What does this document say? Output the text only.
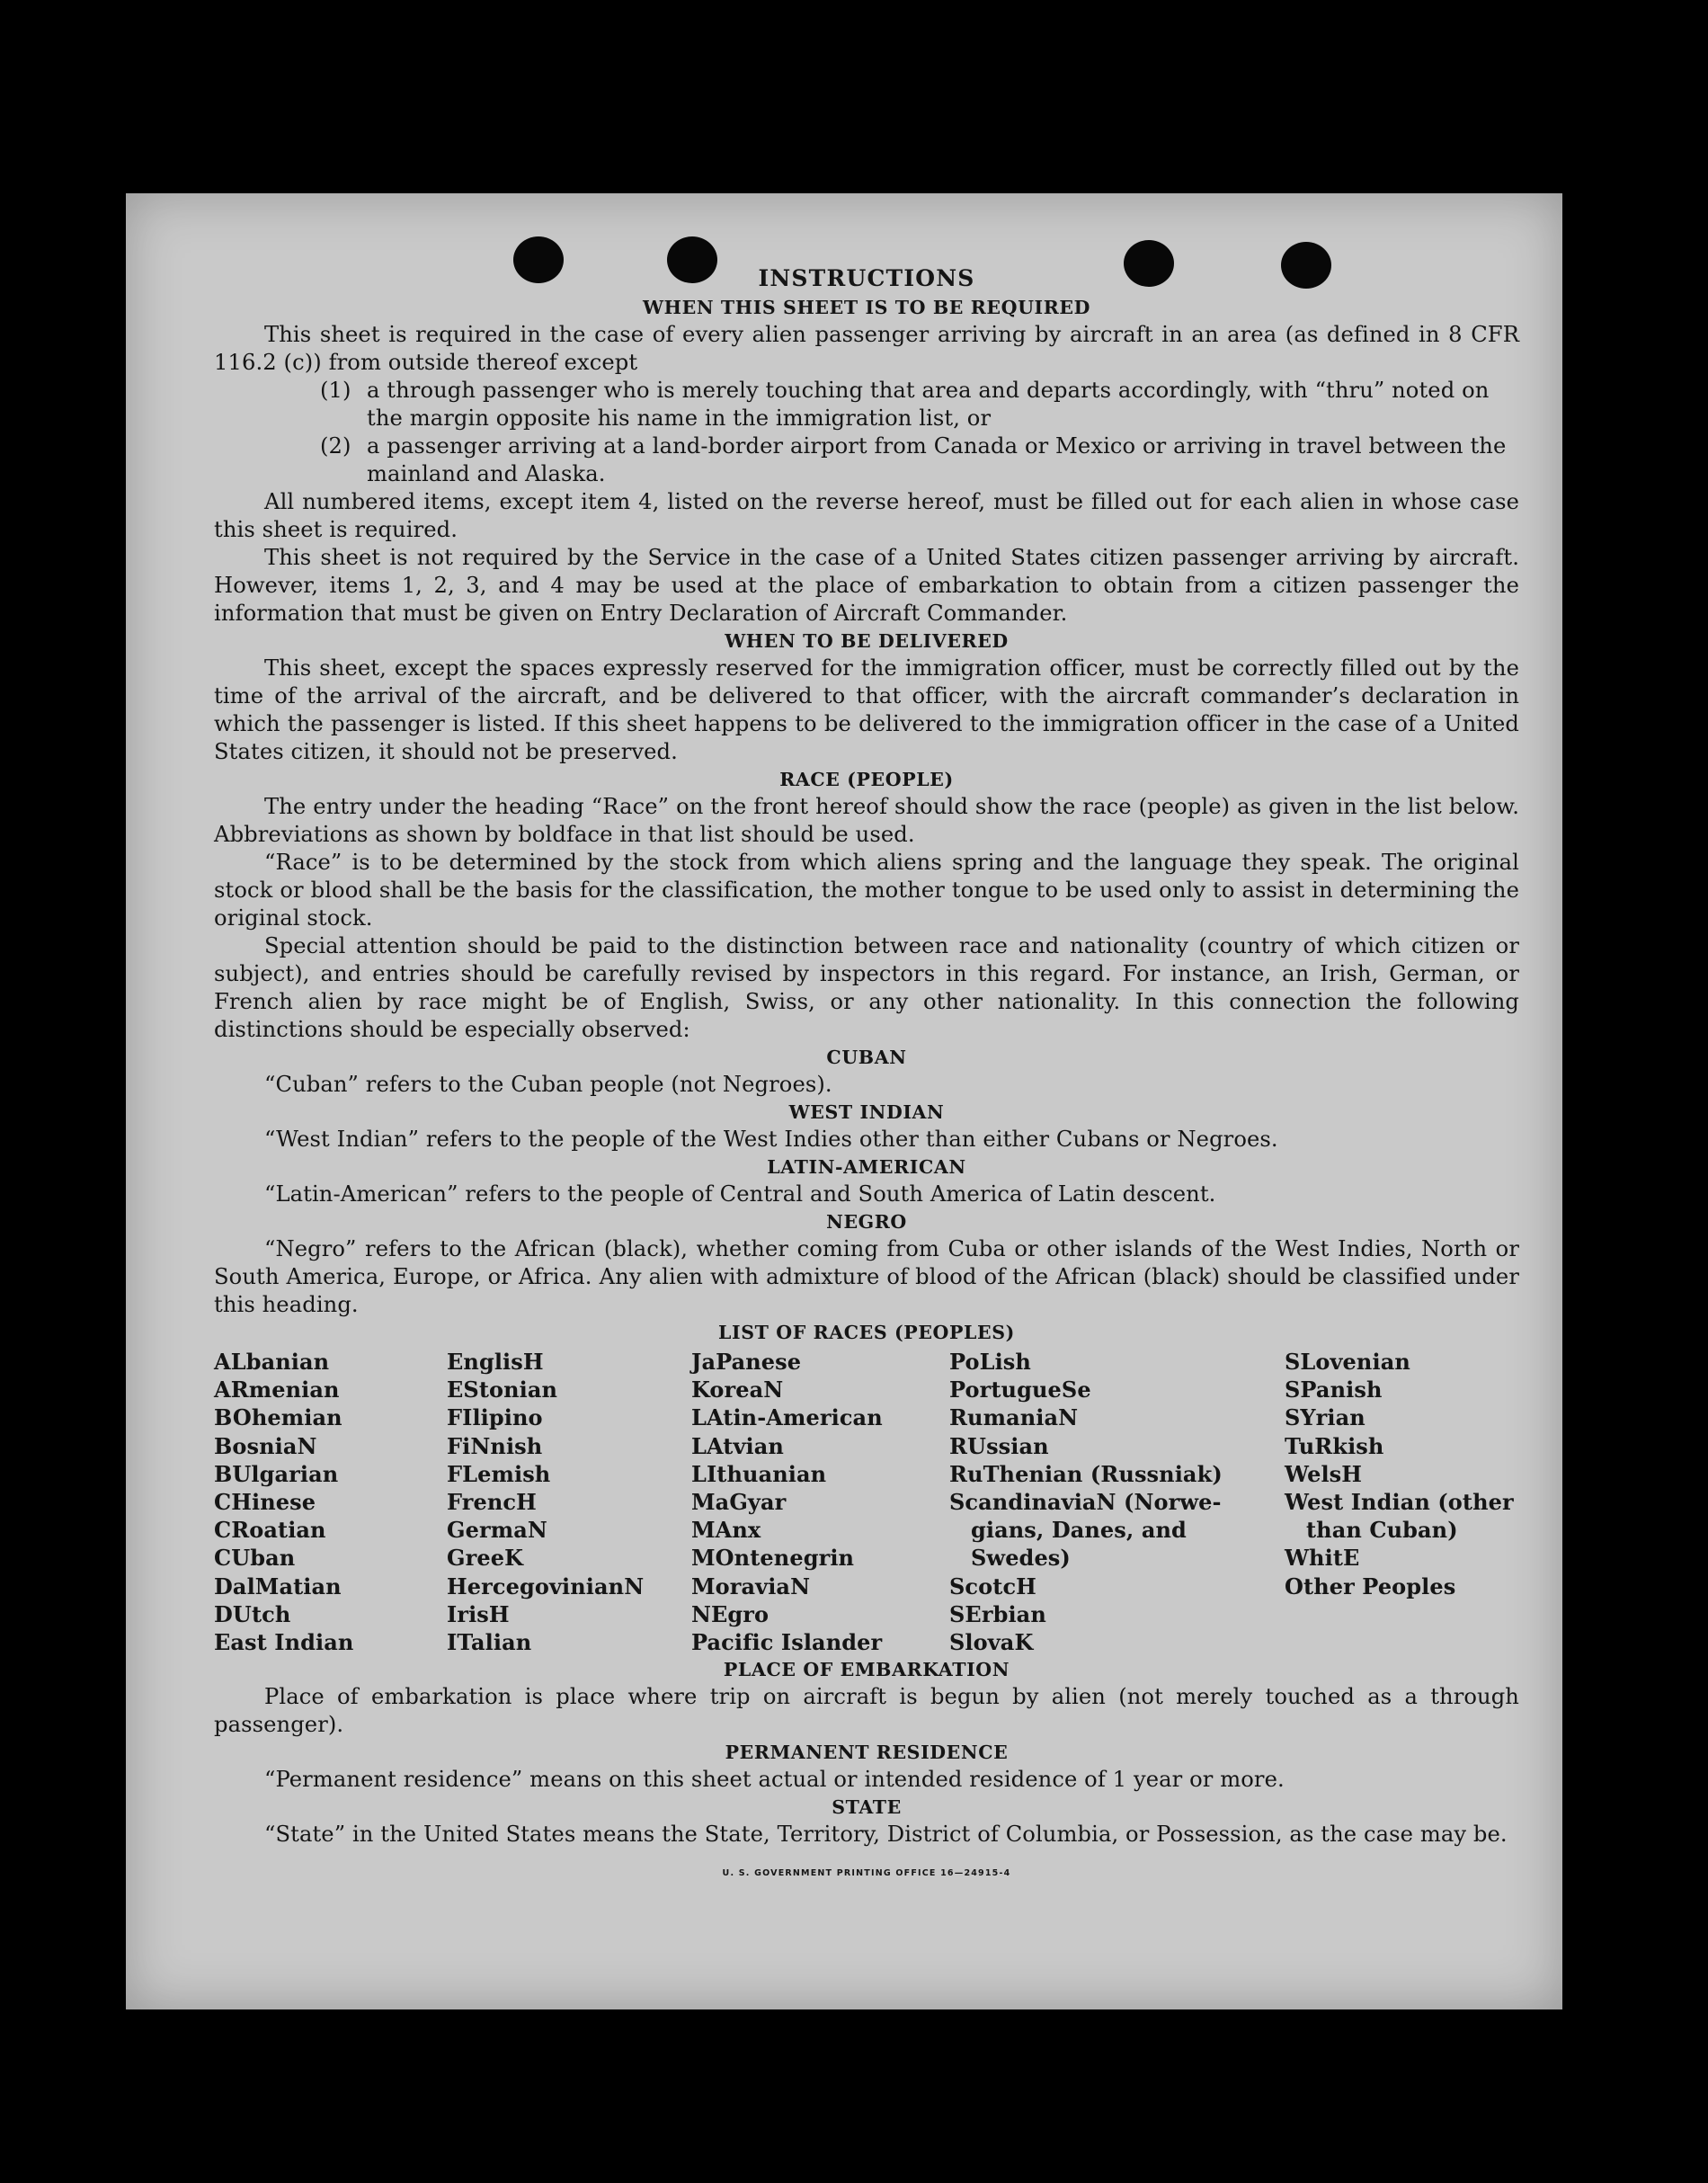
INSTRUCTIONS
WHEN THIS SHEET IS TO BE REQUIRED
This sheet is required in the case of every alien passenger arriving by aircraft in an area (as defined in 8 CFR 116.2 (c)) from outside thereof except
(1) a through passenger who is merely touching that area and departs accordingly, with “thru” noted on the margin opposite his name in the immigration list, or
(2) a passenger arriving at a land-border airport from Canada or Mexico or arriving in travel between the mainland and Alaska.
All numbered items, except item 4, listed on the reverse hereof, must be filled out for each alien in whose case this sheet is required.
This sheet is not required by the Service in the case of a United States citizen passenger arriving by aircraft. However, items 1, 2, 3, and 4 may be used at the place of embarkation to obtain from a citizen passenger the information that must be given on Entry Declaration of Aircraft Commander.
WHEN TO BE DELIVERED
This sheet, except the spaces expressly reserved for the immigration officer, must be correctly filled out by the time of the arrival of the aircraft, and be delivered to that officer, with the aircraft commander’s declaration in which the passenger is listed. If this sheet happens to be delivered to the immigration officer in the case of a United States citizen, it should not be preserved.
RACE (PEOPLE)
The entry under the heading “Race” on the front hereof should show the race (people) as given in the list below. Abbreviations as shown by boldface in that list should be used.
“Race” is to be determined by the stock from which aliens spring and the language they speak. The original stock or blood shall be the basis for the classification, the mother tongue to be used only to assist in determining the original stock.
Special attention should be paid to the distinction between race and nationality (country of which citizen or subject), and entries should be carefully revised by inspectors in this regard. For instance, an Irish, German, or French alien by race might be of English, Swiss, or any other nationality. In this connection the following distinctions should be especially observed:
CUBAN
“Cuban” refers to the Cuban people (not Negroes).
WEST INDIAN
“West Indian” refers to the people of the West Indies other than either Cubans or Negroes.
LATIN-AMERICAN
“Latin-American” refers to the people of Central and South America of Latin descent.
NEGRO
“Negro” refers to the African (black), whether coming from Cuba or other islands of the West Indies, North or South America, Europe, or Africa. Any alien with admixture of blood of the African (black) should be classified under this heading.
LIST OF RACES (PEOPLES)
ALbanian
ARmenian
BOhemian
BosniaN
BUlgarian
CHinese
CRoatian
CUban
DalMatian
DUtch
East Indian
EnglisH
EStonian
FIlipino
FiNnish
FLemish
FrencH
GermaN
GreeK
HercegovinianN
IrisH
ITalian
JaPanese
KoreaN
LAtin-American
LAtvian
LIthuanian
MaGyar
MAnx
MOntenegrin
MoraviaN
NEgro
Pacific Islander
PoLish
PortugueSe
RumaniaN
RUssian
RuThenian (Russniak)
ScandinaviaN (Norwe-
gians, Danes, and
Swedes)
ScotcH
SErbian
SlovaK
SLovenian
SPanish
SYrian
TuRkish
WelsH
West Indian (other
than Cuban)
WhitE
Other Peoples
PLACE OF EMBARKATION
Place of embarkation is place where trip on aircraft is begun by alien (not merely touched as a through passenger).
PERMANENT RESIDENCE
“Permanent residence” means on this sheet actual or intended residence of 1 year or more.
STATE
“State” in the United States means the State, Territory, District of Columbia, or Possession, as the case may be.
U. S. GOVERNMENT PRINTING OFFICE 16—24915-4
